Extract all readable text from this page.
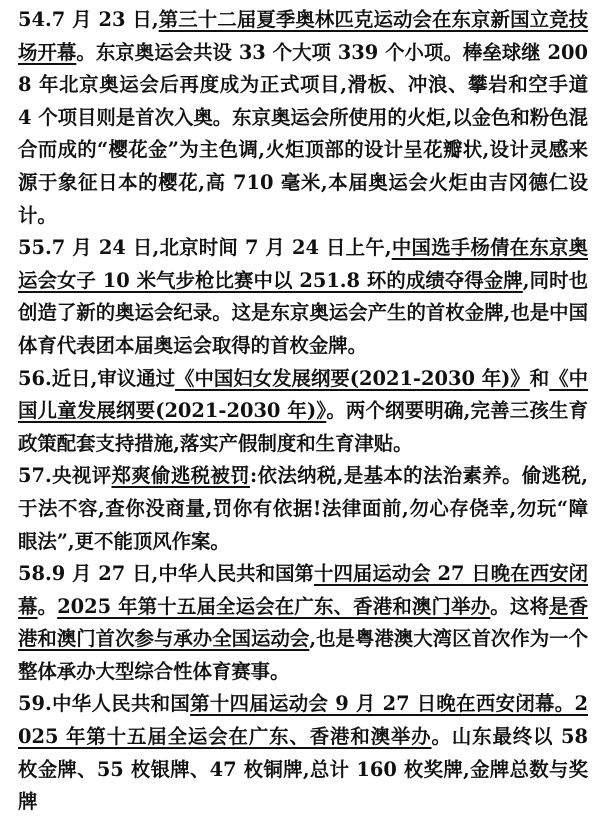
54.7 月 23 日,第三十二届夏季奥林匹克运动会在东京新国立竞技场开幕。东京奥运会共设 33 个大项 339 个小项。棒垒球继 2008 年北京奥运会后再度成为正式项目,滑板、冲浪、攀岩和空手道 4 个项目则是首次入奥。东京奥运会所使用的火炬,以金色和粉色混合而成的“樱花金”为主色调,火炬顶部的设计呈花瓣状,设计灵感来源于象征日本的樱花,高 710 毫米,本届奥运会火炬由吉冈德仁设计。

55.7 月 24 日,北京时间 7 月 24 日上午,中国选手杨倩在东京奥运会女子 10 米气步枪比赛中以 251.8 环的成绩夺得金牌,同时也创造了新的奥运会纪录。这是东京奥运会产生的首枚金牌,也是中国体育代表团本届奥运会取得的首枚金牌。

56.近日,审议通过《中国妇女发展纲要(2021-2030 年)》和《中国儿童发展纲要(2021-2030 年)》。两个纲要明确,完善三孩生育政策配套支持措施,落实产假制度和生育津贴。

57.央视评郑爽偷逃税被罚:依法纳税,是基本的法治素养。偷逃税,于法不容,查你没商量,罚你有依据!法律面前,勿心存侥幸,勿玩“障眼法”,更不能顶风作案。

58.9 月 27 日,中华人民共和国第十四届运动会 27 日晚在西安闭幕。2025 年第十五届全运会在广东、香港和澳门举办。这将是香港和澳门首次参与承办全国运动会,也是粤港澳大湾区首次作为一个整体承办大型综合性体育赛事。

59.中华人民共和国第十四届运动会 9 月 27 日晚在西安闭幕。2025 年第十五届全运会在广东、香港和澳举办。山东最终以 58 枚金牌、55 枚银牌、47 枚铜牌,总计 160 枚奖牌,金牌总数与奖牌
